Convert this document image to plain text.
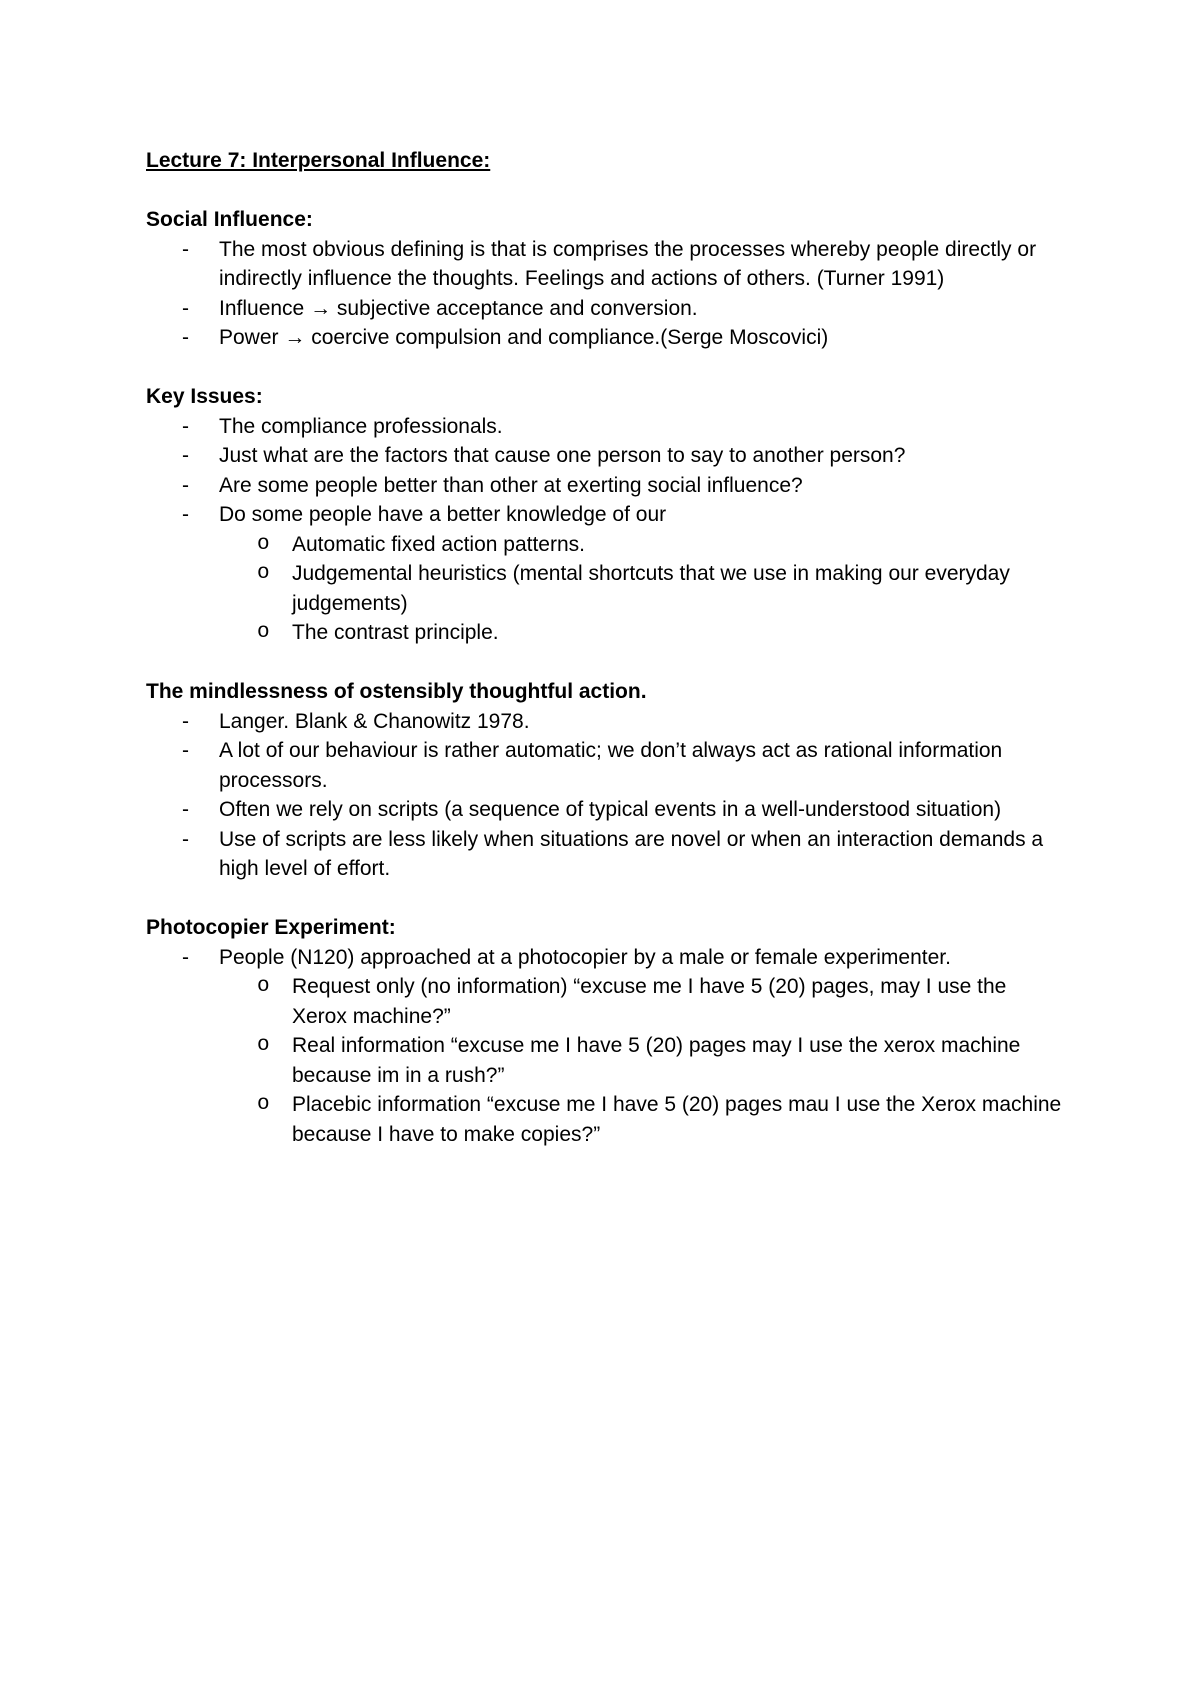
Lecture 7: Interpersonal Influence:

Social Influence:

- The most obvious defining is that is comprises the processes whereby people directly or indirectly influence the thoughts. Feelings and actions of others. (Turner 1991)
- Influence → subjective acceptance and conversion.
- Power → coercive compulsion and compliance.(Serge Moscovici)

Key Issues:

- The compliance professionals.
- Just what are the factors that cause one person to say to another person?
- Are some people better than other at exerting social influence?
- Do some people have a better knowledge of our
o Automatic fixed action patterns.
o Judgemental heuristics (mental shortcuts that we use in making our everyday judgements)
o The contrast principle.

The mindlessness of ostensibly thoughtful action.

- Langer. Blank & Chanowitz 1978.
- A lot of our behaviour is rather automatic; we don’t always act as rational information processors.
- Often we rely on scripts (a sequence of typical events in a well-understood situation)
- Use of scripts are less likely when situations are novel or when an interaction demands a high level of effort.

Photocopier Experiment:

- People (N120) approached at a photocopier by a male or female experimenter.
o Request only (no information) “excuse me I have 5 (20) pages, may I use the Xerox machine?”
o Real information “excuse me I have 5 (20) pages may I use the xerox machine because im in a rush?”
o Placebic information “excuse me I have 5 (20) pages mau I use the Xerox machine because I have to make copies?”
